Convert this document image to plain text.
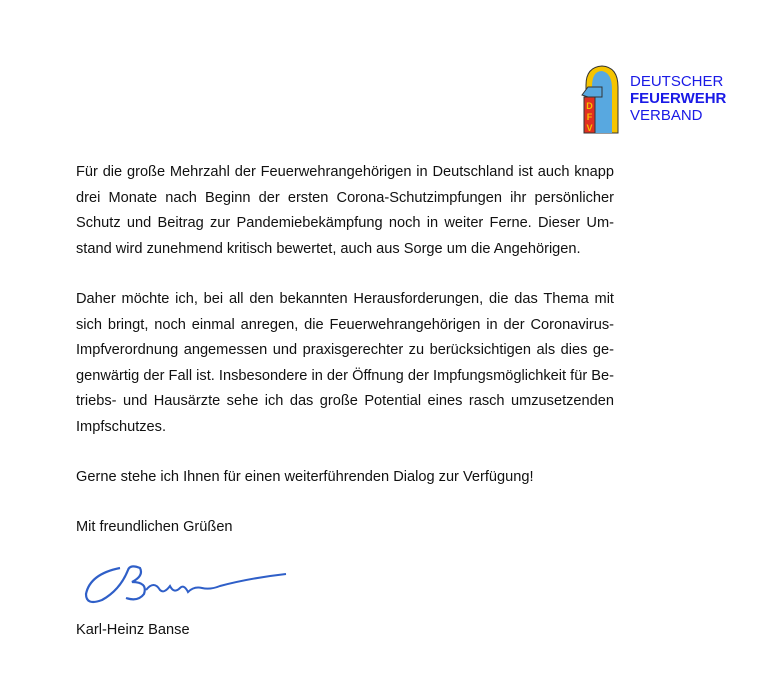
D
F
V
DEUTSCHER
FEUERWEHR
VERBAND
Für die große Mehrzahl der Feuerwehrangehörigen in Deutschland ist auch knapp
drei Monate nach Beginn der ersten Corona-Schutzimpfungen ihr persönlicher
Schutz und Beitrag zur Pandemiebekämpfung noch in weiter Ferne. Dieser Um-
stand wird zunehmend kritisch bewertet, auch aus Sorge um die Angehörigen.
Daher möchte ich, bei all den bekannten Herausforderungen, die das Thema mit
sich bringt, noch einmal anregen, die Feuerwehrangehörigen in der Coronavirus-
Impfverordnung angemessen und praxisgerechter zu berücksichtigen als dies ge-
genwärtig der Fall ist. Insbesondere in der Öffnung der Impfungsmöglichkeit für Be-
triebs- und Hausärzte sehe ich das große Potential eines rasch umzusetzenden
Impfschutzes.
Gerne stehe ich Ihnen für einen weiterführenden Dialog zur Verfügung!
Mit freundlichen Grüßen
Karl-Heinz Banse
